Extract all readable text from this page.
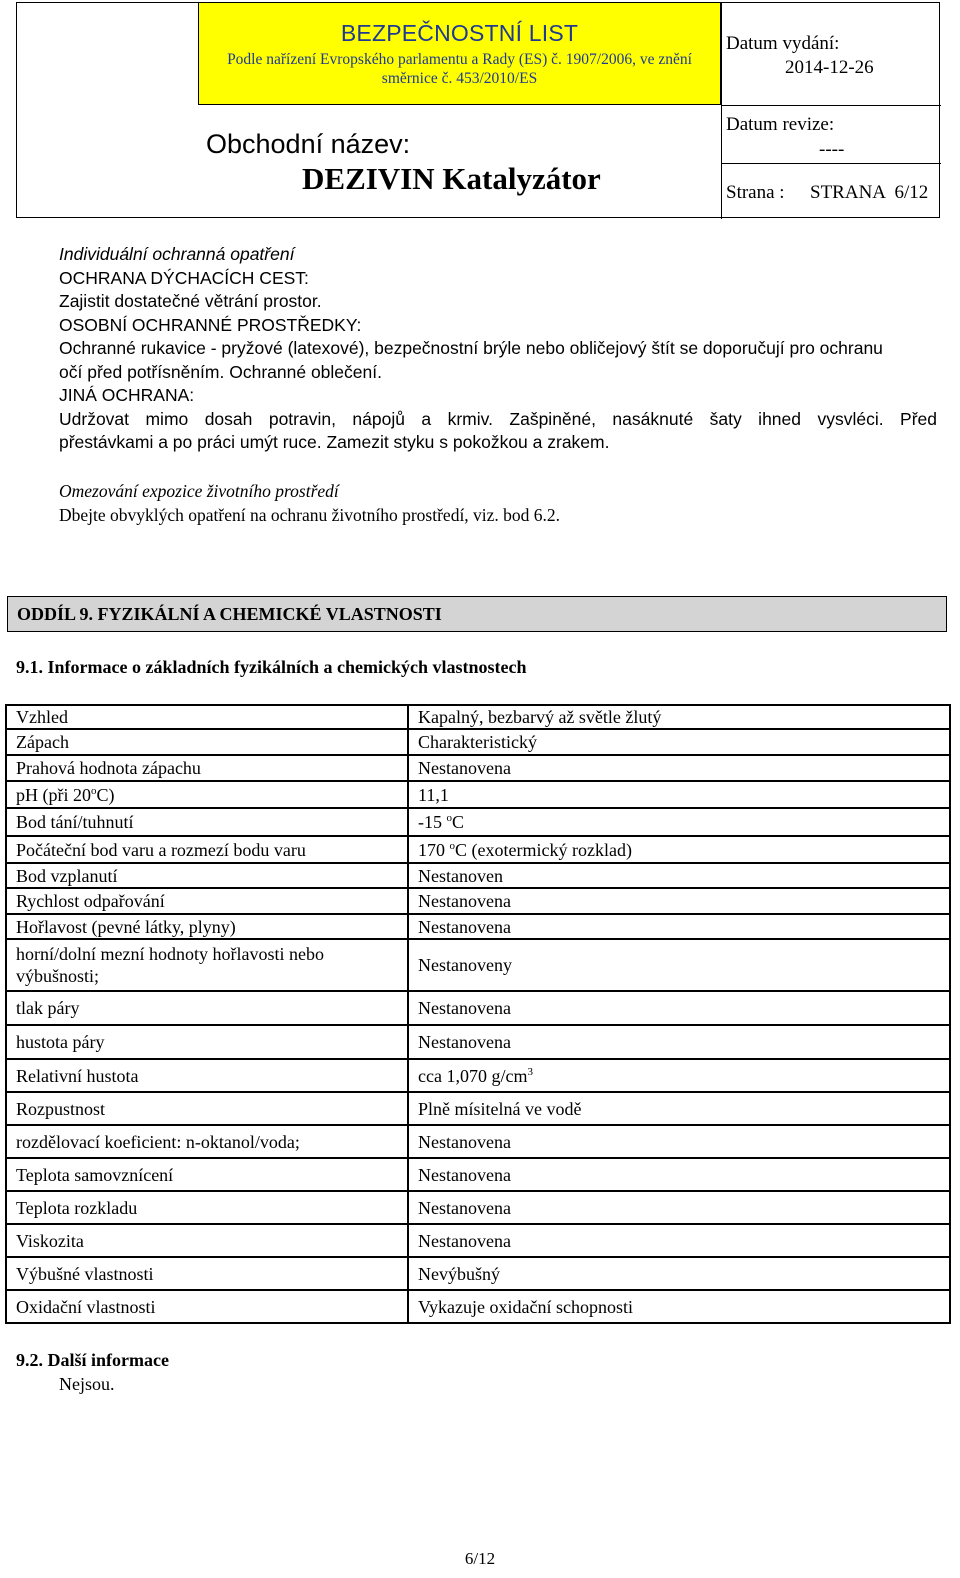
BEZPEČNOSTNÍ LIST
Podle nařízení Evropského parlamentu a Rady (ES) č. 1907/2006, ve znění směrnice č. 453/2010/ES
Obchodní název:
DEZIVIN Katalyzátor
Datum vydání:
2014-12-26
Datum revize:
----
Strana : STRANA  6/12
Individuální ochranná opatření
OCHRANA DÝCHACÍCH CEST:
Zajistit dostatečné větrání prostor.
OSOBNÍ OCHRANNÉ PROSTŘEDKY:
Ochranné rukavice - pryžové (latexové), bezpečnostní brýle nebo obličejový štít se doporučují pro ochranu
očí před potřísněním. Ochranné oblečení.
JINÁ OCHRANA:
Udržovat mimo dosah potravin, nápojů a krmiv. Zašpiněné, nasáknuté šaty ihned vysvléci. Před
přestávkami a po práci umýt ruce. Zamezit styku s pokožkou a zrakem.
Omezování expozice životního prostředí
Dbejte obvyklých opatření na ochranu životního prostředí, viz. bod 6.2.
ODDÍL 9. FYZIKÁLNÍ A CHEMICKÉ VLASTNOSTI
9.1. Informace o základních fyzikálních a chemických vlastnostech
Vzhled	Kapalný, bezbarvý až světle žlutý
Zápach	Charakteristický
Prahová hodnota zápachu	Nestanovena
pH (při 20$^o$C)	11,1
Bod tání/tuhnutí	-15 $^o$C
Počáteční bod varu a rozmezí bodu varu	170 $^o$C (exotermický rozklad)
Bod vzplanutí	Nestanoven
Rychlost odpařování	Nestanovena
Hořlavost (pevné látky, plyny)	Nestanovena

horní/dolní mezní hodnoty hořlavosti nebo
výbušnosti;	Nestanoveny
tlak páry	Nestanovena
hustota páry	Nestanovena
Relativní hustota	cca 1,070 $g/cm^3$
Rozpustnost	Plně mísitelná ve vodě
rozdělovací koeficient: n-oktanol/voda;	Nestanovena
Teplota samovznícení	Nestanovena
Teplota rozkladu	Nestanovena
Viskozita	Nestanovena
Výbušné vlastnosti	Nevýbušný
Oxidační vlastnosti	Vykazuje oxidační schopnosti
9.2. Další informace
Nejsou.
6/12
